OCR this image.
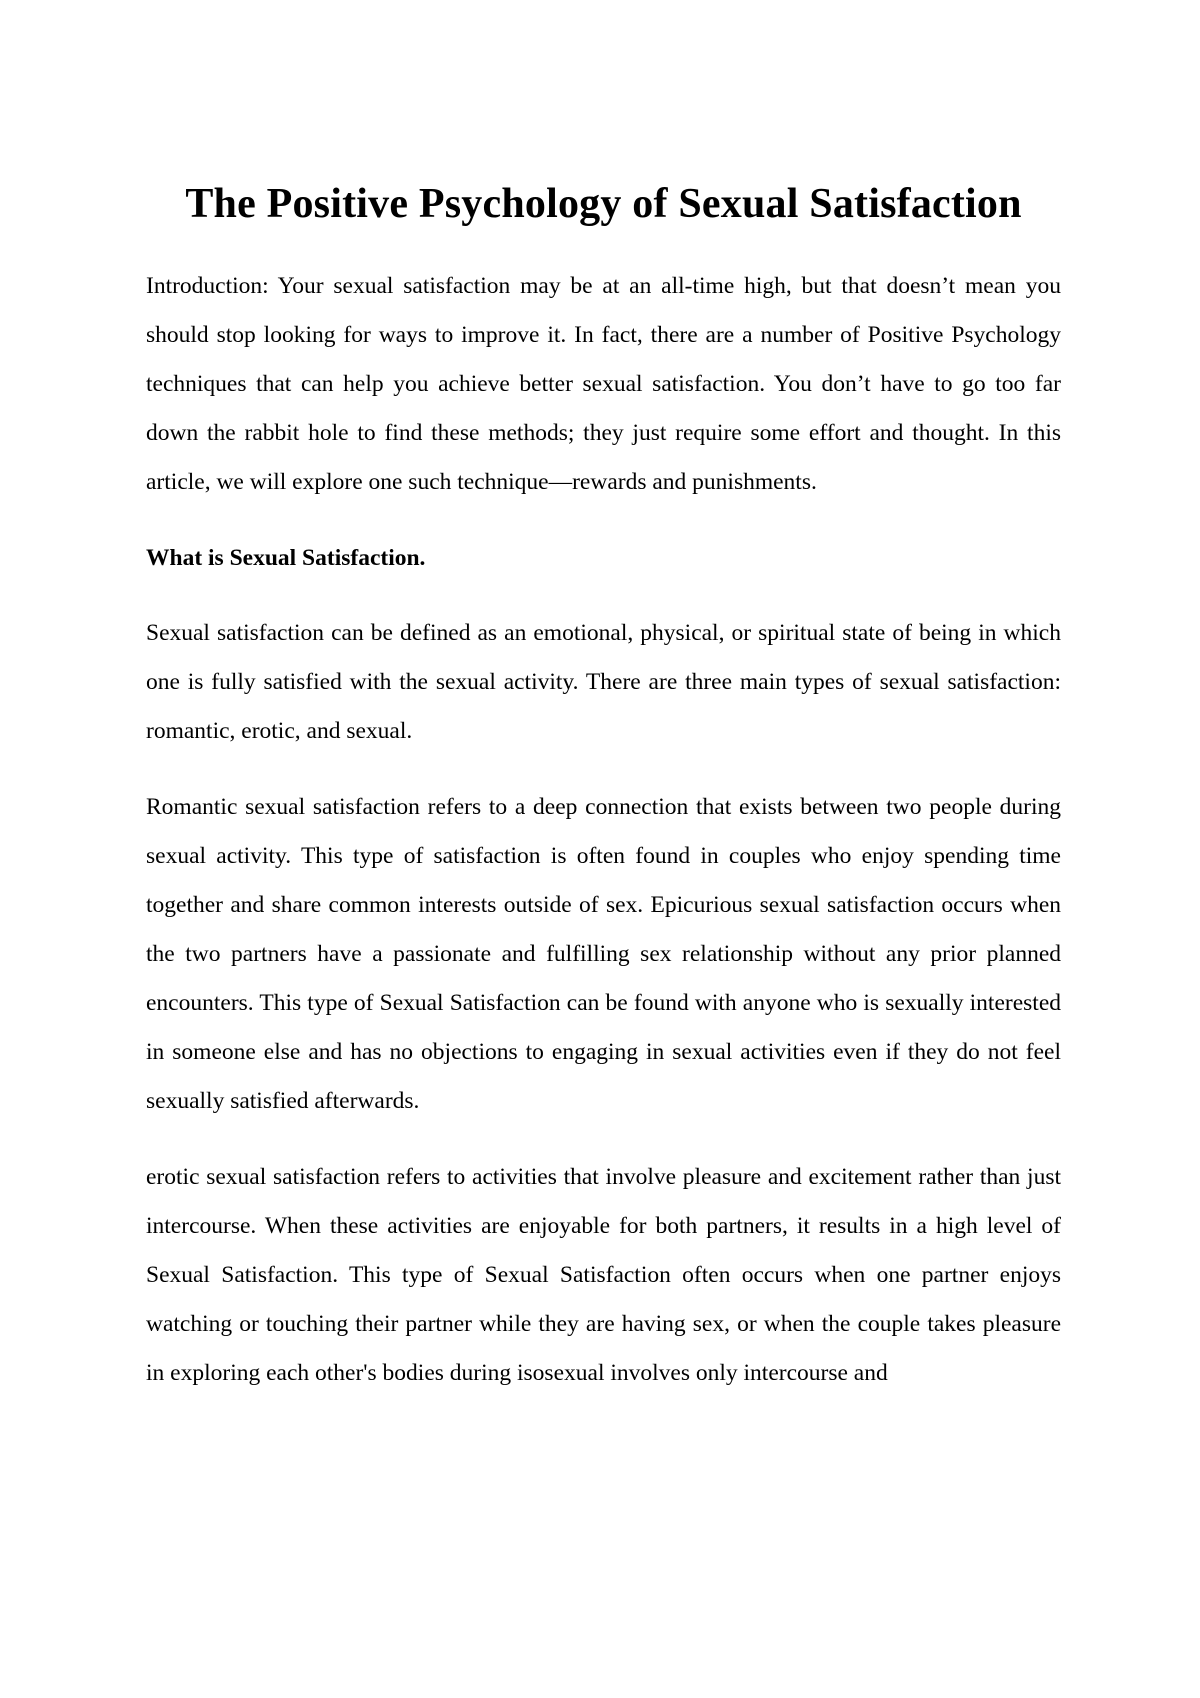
The Positive Psychology of Sexual Satisfaction

Introduction: Your sexual satisfaction may be at an all-time high, but that doesn’t mean you should stop looking for ways to improve it. In fact, there are a number of Positive Psychology techniques that can help you achieve better sexual satisfaction. You don’t have to go too far down the rabbit hole to find these methods; they just require some effort and thought. In this article, we will explore one such technique—rewards and punishments.

What is Sexual Satisfaction.

Sexual satisfaction can be defined as an emotional, physical, or spiritual state of being in which one is fully satisfied with the sexual activity. There are three main types of sexual satisfaction: romantic, erotic, and sexual.

Romantic sexual satisfaction refers to a deep connection that exists between two people during sexual activity. This type of satisfaction is often found in couples who enjoy spending time together and share common interests outside of sex. Epicurious sexual satisfaction occurs when the two partners have a passionate and fulfilling sex relationship without any prior planned encounters. This type of Sexual Satisfaction can be found with anyone who is sexually interested in someone else and has no objections to engaging in sexual activities even if they do not feel sexually satisfied afterwards.

erotic sexual satisfaction refers to activities that involve pleasure and excitement rather than just intercourse. When these activities are enjoyable for both partners, it results in a high level of Sexual Satisfaction. This type of Sexual Satisfaction often occurs when one partner enjoys watching or touching their partner while they are having sex, or when the couple takes pleasure in exploring each other's bodies during isosexual involves only intercourse and
